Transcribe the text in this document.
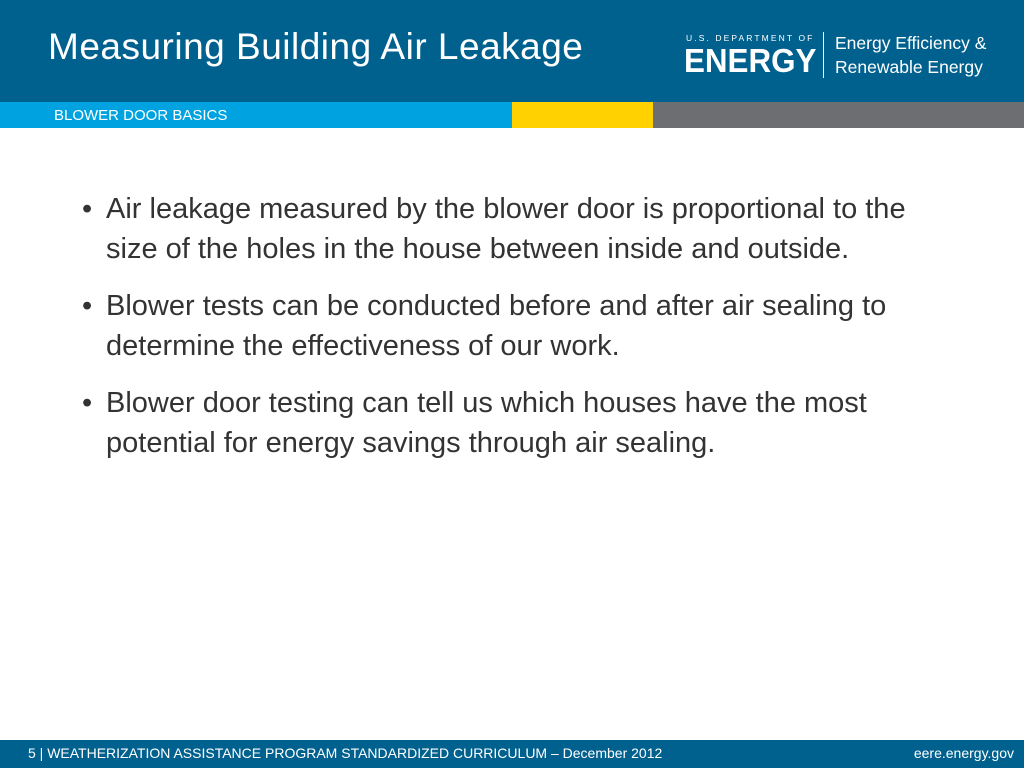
Measuring Building Air Leakage	U.S. DEPARTMENT OF
ENERGY Energy Efficiency &
Renewable Energy
BLOWER DOOR BASICS
• Air leakage measured by the blower door is proportional to the size of the holes in the house between inside and outside.
• Blower tests can be conducted before and after air sealing to determine the effectiveness of our work.
• Blower door testing can tell us which houses have the most potential for energy savings through air sealing.
5 | WEATHERIZATION ASSISTANCE PROGRAM STANDARDIZED CURRICULUM – December 2012	eere.energy.gov
